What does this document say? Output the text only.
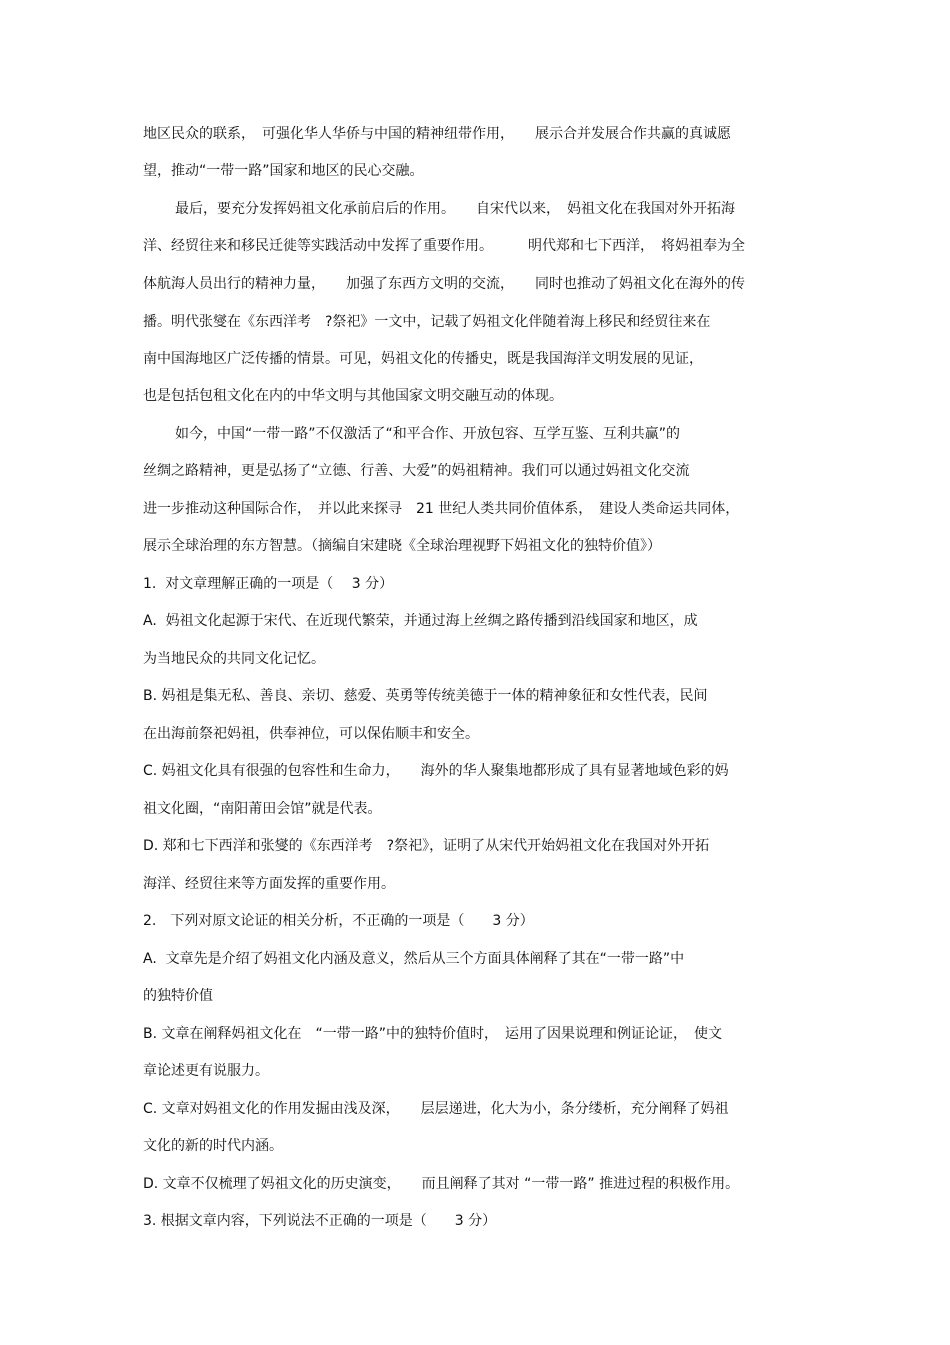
地区民众的联系，　可强化华人华侨与中国的精神纽带作用，　　展示合并发展合作共赢的真诚愿

望，推动“一带一路”国家和地区的民心交融。

最后，要充分发挥妈祖文化承前启后的作用。　　自宋代以来，　妈祖文化在我国对外开拓海

洋、经贸往来和移民迁徙等实践活动中发挥了重要作用。　　　明代郑和七下西洋，　将妈祖奉为全

体航海人员出行的精神力量，　　加强了东西方文明的交流，　　同时也推动了妈祖文化在海外的传

播。明代张燮在《东西洋考　?祭祀》一文中，记载了妈祖文化伴随着海上移民和经贸往来在

南中国海地区广泛传播的情景。可见，妈祖文化的传播史，既是我国海洋文明发展的见证，

也是包括包租文化在内的中华文明与其他国家文明交融互动的体现。

如今，中国“一带一路”不仅激活了“和平合作、开放包容、互学互鉴、互利共赢”的

丝绸之路精神，更是弘扬了“立德、行善、大爱”的妈祖精神。我们可以通过妈祖文化交流

进一步推动这种国际合作，　并以此来探寻　21 世纪人类共同价值体系，　建设人类命运共同体，

展示全球治理的东方智慧。（摘编自宋建晓《全球治理视野下妈祖文化的独特价值》）

1.  对文章理解正确的一项是（　 3 分）

A.  妈祖文化起源于宋代、在近现代繁荣，并通过海上丝绸之路传播到沿线国家和地区，成

为当地民众的共同文化记忆。

B. 妈祖是集无私、善良、亲切、慈爱、英勇等传统美德于一体的精神象征和女性代表，民间

在出海前祭祀妈祖，供奉神位，可以保佑顺丰和安全。

C. 妈祖文化具有很强的包容性和生命力，　　海外的华人聚集地都形成了具有显著地域色彩的妈

祖文化圈，“南阳莆田会馆”就是代表。

D. 郑和七下西洋和张燮的《东西洋考　?祭祀》，证明了从宋代开始妈祖文化在我国对外开拓

海洋、经贸往来等方面发挥的重要作用。

2.　下列对原文论证的相关分析，不正确的一项是（　　3 分）

A.  文章先是介绍了妈祖文化内涵及意义，然后从三个方面具体阐释了其在“一带一路”中

的独特价值

B. 文章在阐释妈祖文化在　“一带一路”中的独特价值时，　运用了因果说理和例证论证，　使文

章论述更有说服力。

C. 文章对妈祖文化的作用发掘由浅及深，　　层层递进，化大为小，条分缕析，充分阐释了妈祖

文化的新的时代内涵。

D. 文章不仅梳理了妈祖文化的历史演变，　　而且阐释了其对 “一带一路” 推进过程的积极作用。

3. 根据文章内容，下列说法不正确的一项是（　　3 分）
